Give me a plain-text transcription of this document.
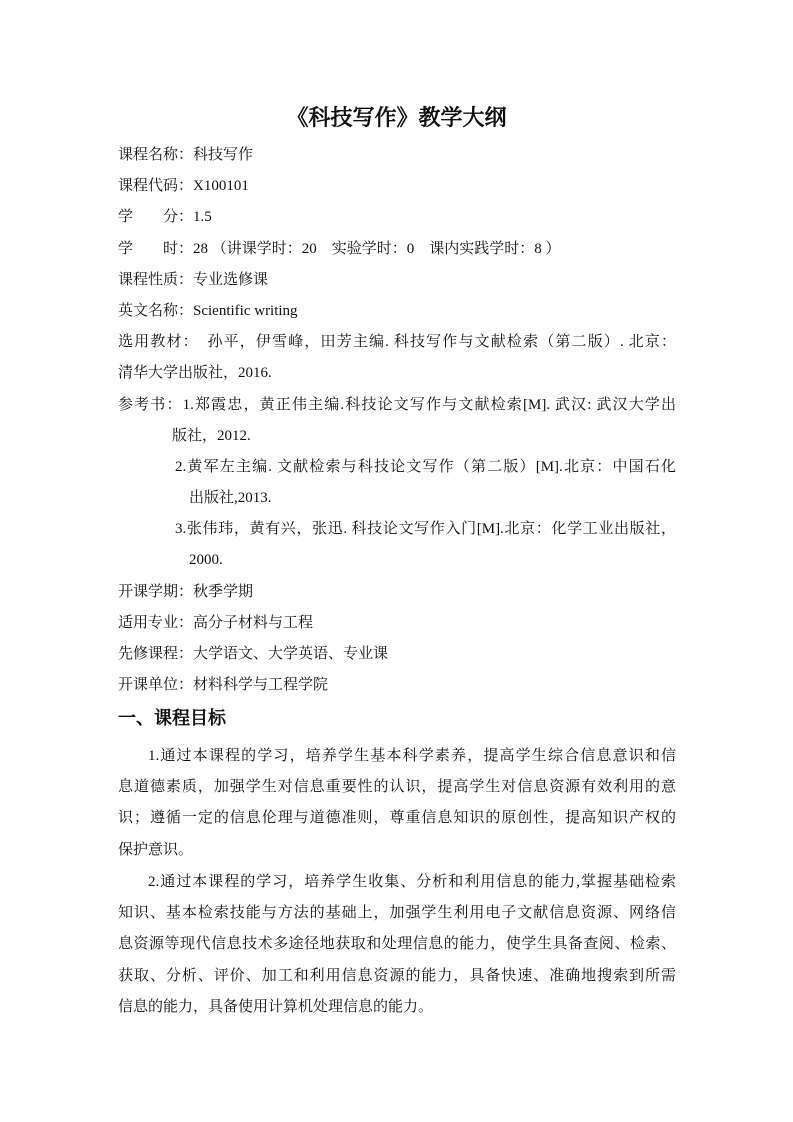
《科技写作》教学大纲
课程名称：科技写作
课程代码：X100101
学　　分：1.5
学　　时：28 （讲课学时：20　实验学时：0　课内实践学时：8 ）
课程性质：专业选修课
英文名称：Scientific writing
选用教材：　孙平，伊雪峰，田芳主编. 科技写作与文献检索（第二版）. 北京：
清华大学出版社，2016.
参考书：1.郑霞忠，黄正伟主编.科技论文写作与文献检索[M]. 武汉: 武汉大学出
版社，2012.
2.黄军左主编. 文献检索与科技论文写作（第二版）[M].北京：中国石化
出版社,2013.
3.张伟玮，黄有兴，张迅. 科技论文写作入门[M].北京：化学工业出版社，
2000.
开课学期：秋季学期
适用专业：高分子材料与工程
先修课程：大学语文、大学英语、专业课
开课单位：材料科学与工程学院
一、课程目标
1.通过本课程的学习，培养学生基本科学素养，提高学生综合信息意识和信
息道德素质，加强学生对信息重要性的认识，提高学生对信息资源有效利用的意
识；遵循一定的信息伦理与道德准则，尊重信息知识的原创性，提高知识产权的
保护意识。
2.通过本课程的学习，培养学生收集、分析和利用信息的能力,掌握基础检索
知识、基本检索技能与方法的基础上，加强学生利用电子文献信息资源、网络信
息资源等现代信息技术多途径地获取和处理信息的能力，使学生具备查阅、检索、
获取、分析、评价、加工和利用信息资源的能力，具备快速、准确地搜索到所需
信息的能力，具备使用计算机处理信息的能力。
